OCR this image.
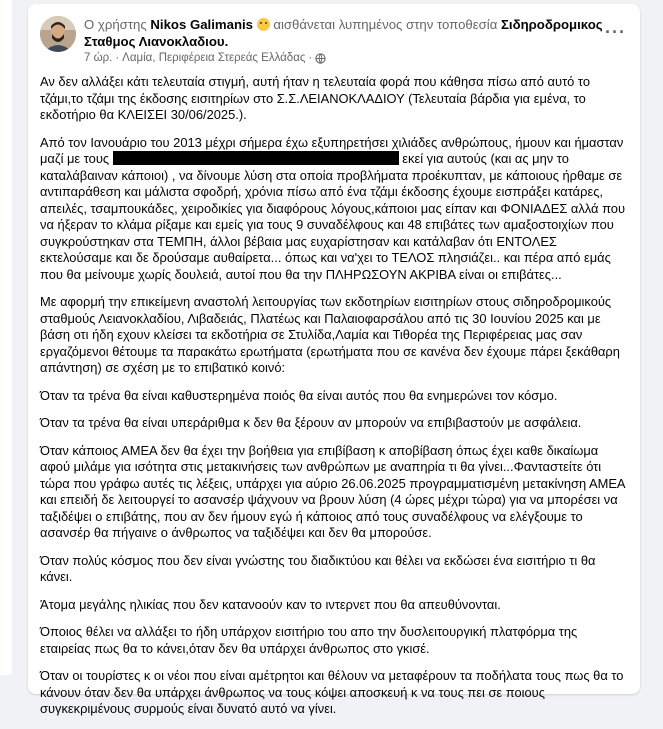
Ο χρήστης Nikos Galimanis αισθάνεται λυπημένος στην τοποθεσία Σιδηροδρομικος Σταθμος Λιανοκλαδιου.
7 ώρ. · Λαμία, Περιφέρεια Στερεάς Ελλάδας ·
···

Αν δεν αλλάξει κάτι τελευταία στιγμή, αυτή ήταν η τελευταία φορά που κάθησα πίσω από αυτό το τζάμι,το τζάμι της έκδοσης εισιτηρίων στο Σ.Σ.ΛΕΙΑΝΟΚΛΑΔΙΟΥ (Τελευταία βάρδια για εμένα, το εκδοτήριο θα ΚΛΕΙΣΕΙ 30/06/2025.).

Από τον Ιανουάριο του 2013 μέχρι σήμερα έχω εξυπηρετήσει χιλιάδες ανθρώπους, ήμουν και ήμασταν μαζί με τους	εκεί για αυτούς (και ας μην το καταλάβαιναν κάποιοι) , να δίνουμε λύση στα οποία προβλήματα προέκυπταν, με κάποιους ήρθαμε σε αντιπαράθεση και μάλιστα σφοδρή, χρόνια πίσω από ένα τζάμι έκδοσης έχουμε εισπράξει κατάρες, απειλές, τσαμπουκάδες, χειροδικίες για διαφόρους λόγους,κάποιοι μας είπαν και ΦΟΝΙΑΔΕΣ αλλά που να ήξεραν το κλάμα ρίξαμε και εμείς για τους 9 συναδέλφους και 48 επιβάτες των αμαξοστοιχίων που συγκρούστηκαν στα ΤΕΜΠΗ, άλλοι βέβαια μας ευχαρίστησαν και κατάλαβαν ότι ΕΝΤΟΛΕΣ εκτελούσαμε και δε δρούσαμε αυθαίρετα... όπως και να'χει το ΤΕΛΟΣ πλησιάζει.. και πέρα από εμάς που θα μείνουμε χωρίς δουλειά, αυτοί που θα την ΠΛΗΡΩΣΟΥΝ ΑΚΡΙΒΑ είναι οι επιβάτες...

Με αφορμή την επικείμενη αναστολή λειτουργίας των εκδοτηρίων εισιτηρίων στους σιδηροδρομικούς σταθμούς Λειανοκλαδίου, Λιβαδειάς, Πλατέως και Παλαιοφαρσάλου από τις 30 Ιουνίου 2025 και με βάση οτι ήδη εχουν κλείσει τα εκδοτήρια σε Στυλίδα,Λαμία και Τιθορέα της Περιφέρειας μας σαν εργαζόμενοι θέτουμε τα παρακάτω ερωτήματα (ερωτήματα που σε κανένα δεν έχουμε πάρει ξεκάθαρη απάντηση) σε σχέση με το επιβατικό κοινό:

Όταν τα τρένα θα είναι καθυστερημένα ποιός θα είναι αυτός που θα ενημερώνει τον κόσμο.

Όταν τα τρένα θα είναι υπεράριθμα κ δεν θα ξέρουν αν μπορούν να επιβιβαστούν με ασφάλεια.

Όταν κάποιος ΑΜΕΑ δεν θα έχει την βοήθεια για επιβίβαση κ αποβίβαση όπως έχει καθε δικαίωμα αφού μιλάμε για ισότητα στις μετακινήσεις των ανθρώπων με αναπηρία τι θα γίνει...Φανταστείτε ότι τώρα που γράφω αυτές τις λέξεις, υπάρχει για αύριο 26.06.2025 προγραμματισμένη μετακίνηση ΑΜΕΑ και επειδή δε λειτουργεί το ασανσέρ ψάχνουν να βρουν λύση (4 ώρες μέχρι τώρα) για να μπορέσει να ταξιδέψει ο επιβάτης, που αν δεν ήμουν εγώ ή κάποιος από τους συναδέλφους να ελέγξουμε το ασανσέρ θα πήγαινε ο άνθρωπος να ταξιδέψει και δεν θα μπορούσε.

Όταν πολύς κόσμος που δεν είναι γνώστης του διαδικτύου και θέλει να εκδώσει ένα εισιτήριο τι θα κάνει.

Άτομα μεγάλης ηλικίας που δεν κατανοούν καν το ιντερνετ που θα απευθύνονται.

Όποιος θέλει να αλλάξει το ήδη υπάρχον εισιτήριο του απο την δυσλειτουργική πλατφόρμα της εταιρείας πως θα το κάνει,όταν δεν θα υπάρχει άνθρωπος στο γκισέ.

Όταν οι τουρίστες κ οι νέοι που είναι αμέτρητοι και θέλουν να μεταφέρουν τα ποδήλατα τους πως θα το κάνουν όταν δεν θα υπάρχει άνθρωπος να τους κόψει αποσκευή κ να τους πει σε ποιους συγκεκριμένους συρμούς είναι δυνατό αυτό να γίνει.
